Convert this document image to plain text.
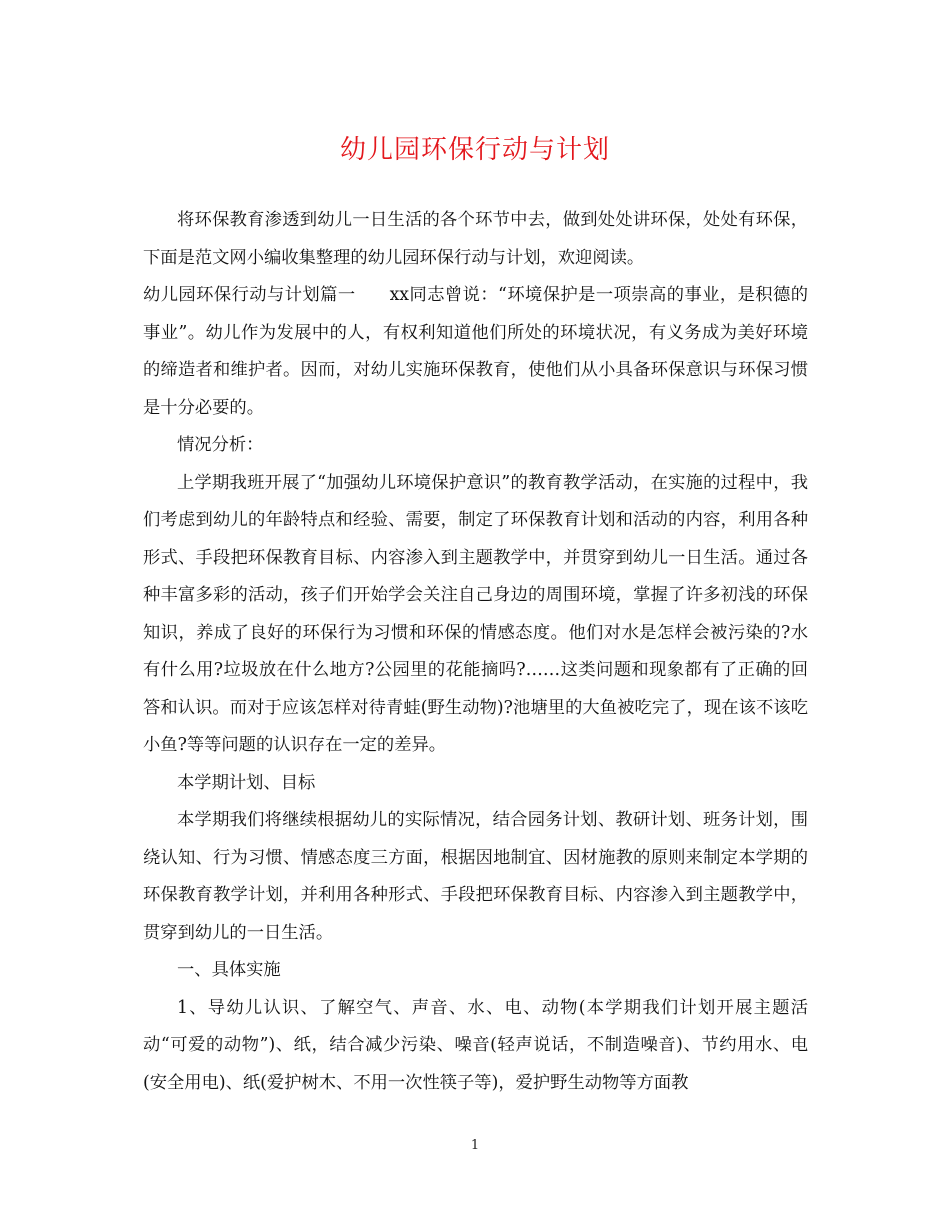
幼儿园环保行动与计划

将环保教育渗透到幼儿一日生活的各个环节中去，做到处处讲环保，处处有环保，下面是范文网小编收集整理的幼儿园环保行动与计划，欢迎阅读。

幼儿园环保行动与计划篇一 xx同志曾说：“环境保护是一项崇高的事业，是积德的事业”。幼儿作为发展中的人，有权利知道他们所处的环境状况，有义务成为美好环境的缔造者和维护者。因而，对幼儿实施环保教育，使他们从小具备环保意识与环保习惯是十分必要的。

情况分析：

上学期我班开展了“加强幼儿环境保护意识”的教育教学活动，在实施的过程中，我们考虑到幼儿的年龄特点和经验、需要，制定了环保教育计划和活动的内容，利用各种形式、手段把环保教育目标、内容渗入到主题教学中，并贯穿到幼儿一日生活。通过各种丰富多彩的活动，孩子们开始学会关注自己身边的周围环境，掌握了许多初浅的环保知识，养成了良好的环保行为习惯和环保的情感态度。他们对水是怎样会被污染的?水有什么用?垃圾放在什么地方?公园里的花能摘吗?……这类问题和现象都有了正确的回答和认识。而对于应该怎样对待青蛙(野生动物)?池塘里的大鱼被吃完了，现在该不该吃小鱼?等等问题的认识存在一定的差异。

本学期计划、目标

本学期我们将继续根据幼儿的实际情况，结合园务计划、教研计划、班务计划，围绕认知、行为习惯、情感态度三方面，根据因地制宜、因材施教的原则来制定本学期的环保教育教学计划，并利用各种形式、手段把环保教育目标、内容渗入到主题教学中，贯穿到幼儿的一日生活。

一、具体实施

1、导幼儿认识、了解空气、声音、水、电、动物(本学期我们计划开展主题活动“可爱的动物”)、纸，结合减少污染、噪音(轻声说话，不制造噪音)、节约用水、电(安全用电)、纸(爱护树木、不用一次性筷子等)，爱护野生动物等方面教

1
